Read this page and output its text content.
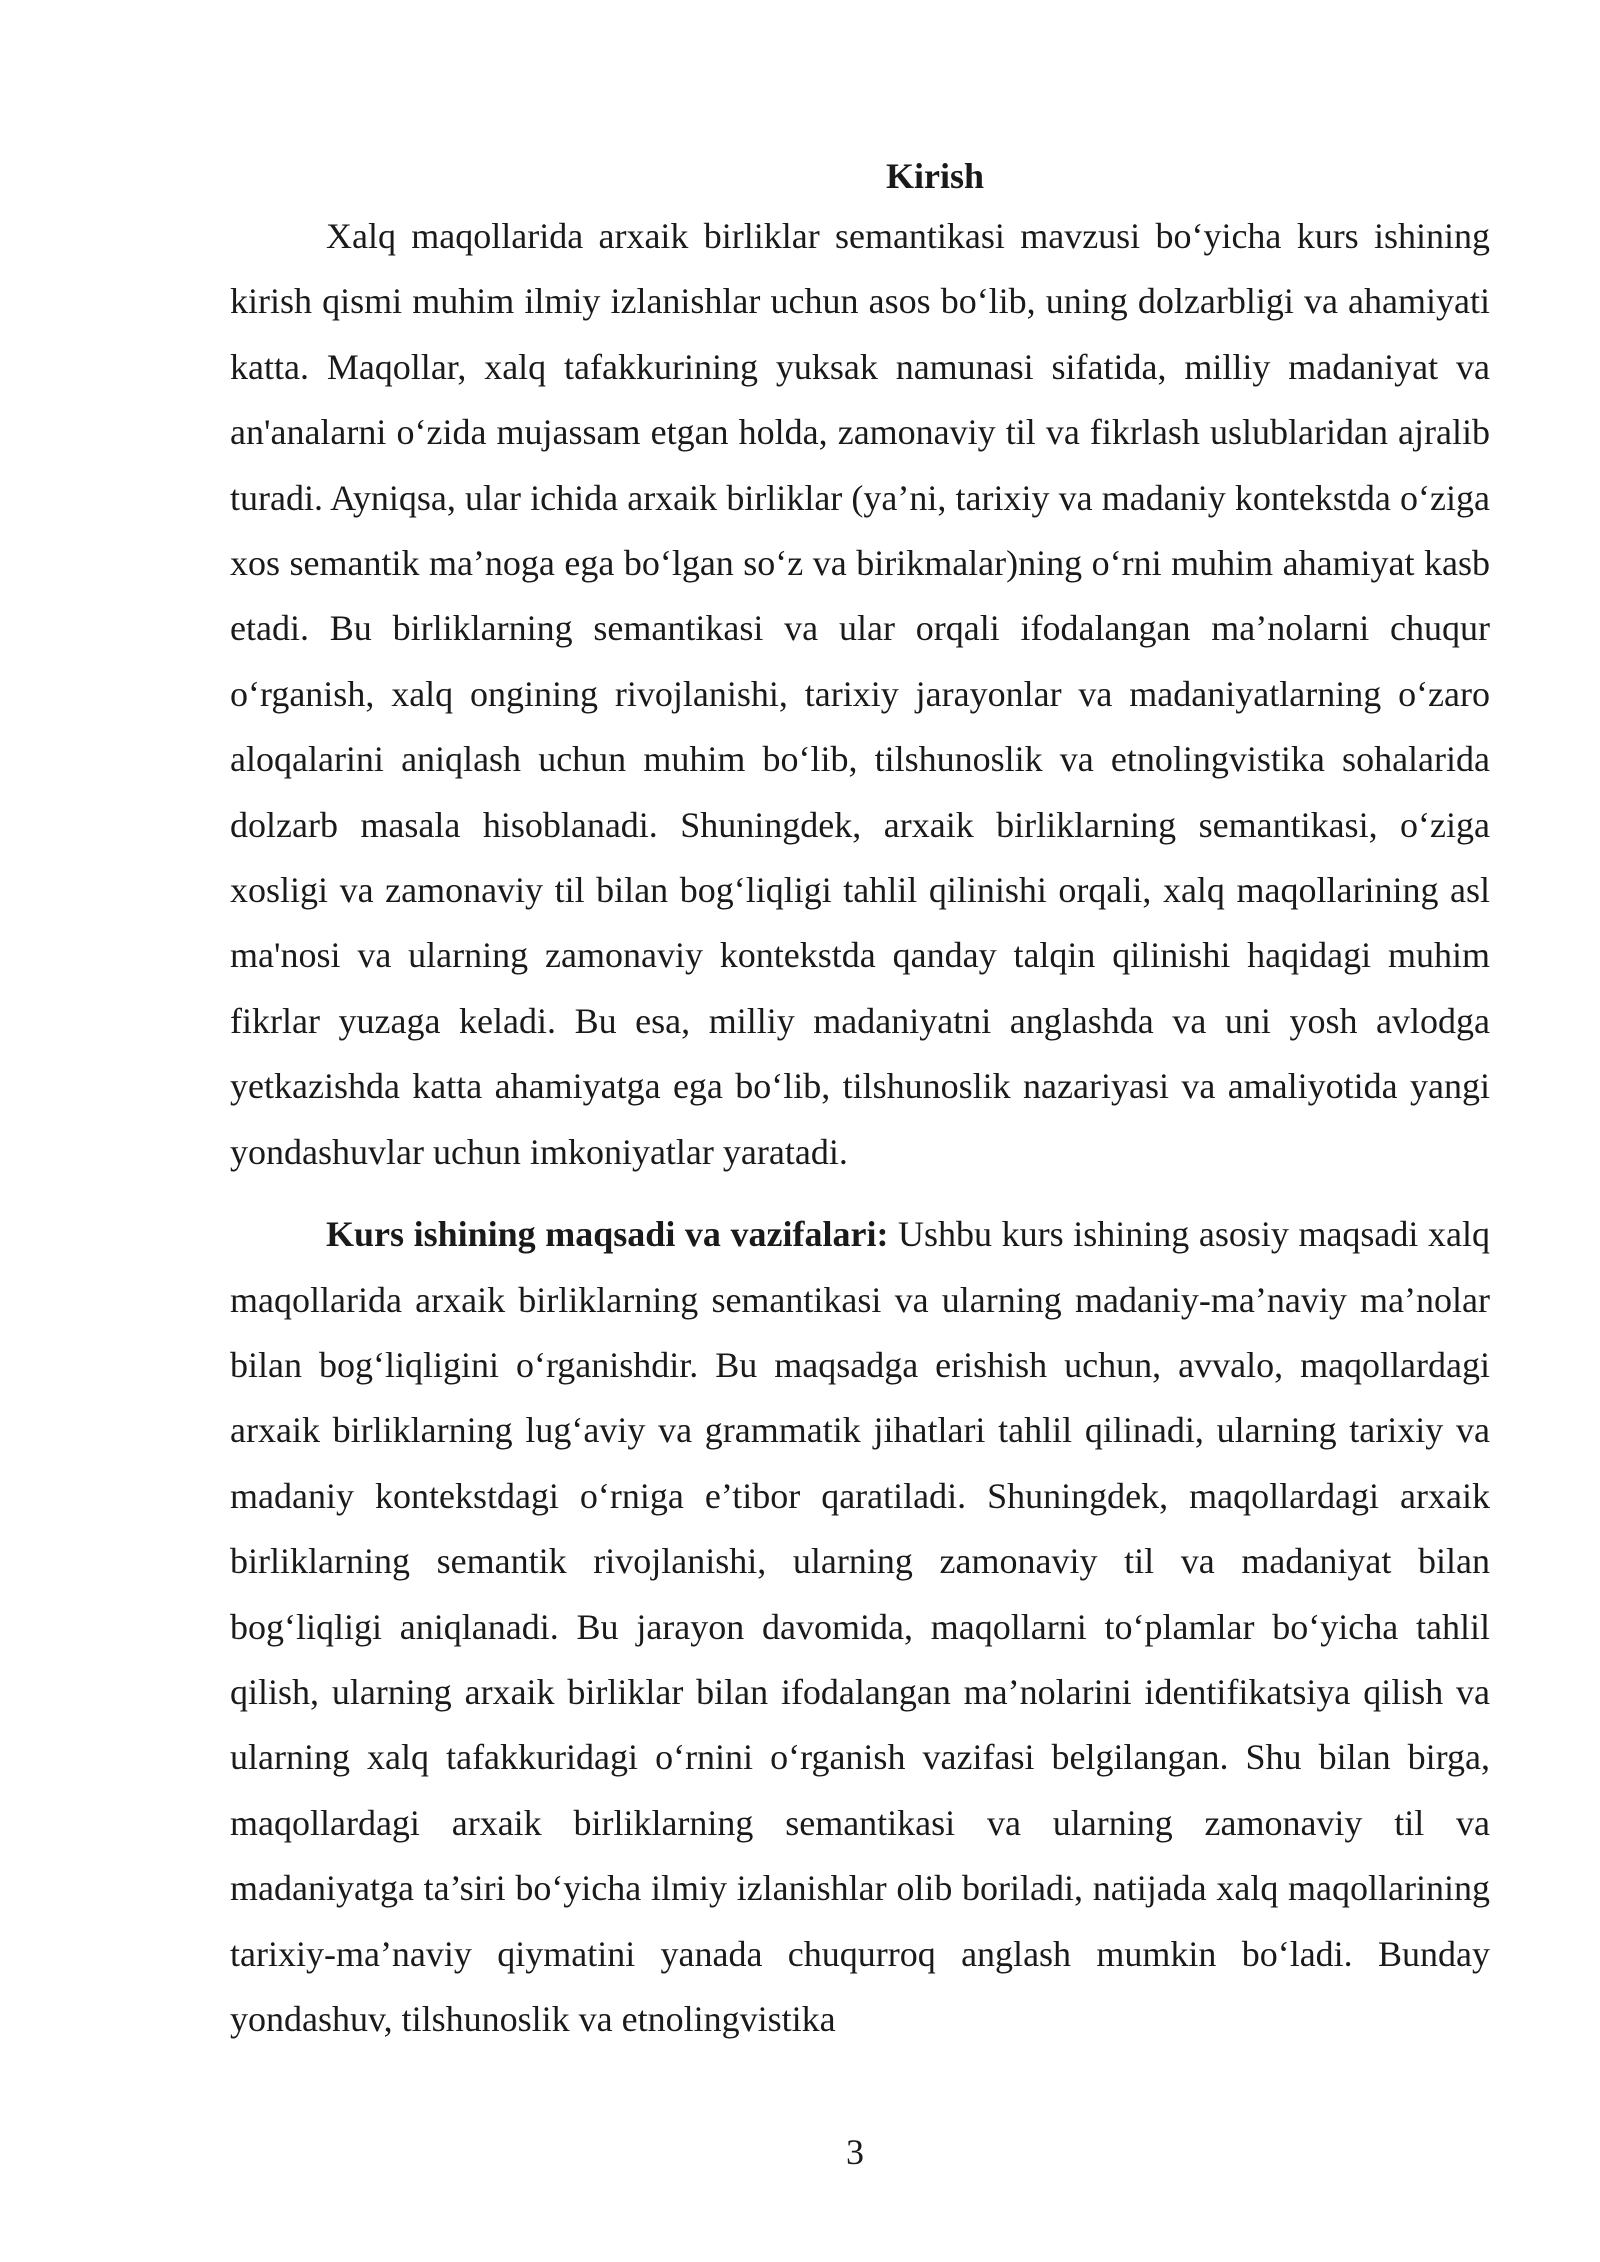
Kirish

Xalq maqollarida arxaik birliklar semantikasi mavzusi bo‘yicha kurs ishining kirish qismi muhim ilmiy izlanishlar uchun asos bo‘lib, uning dolzarbligi va ahamiyati katta. Maqollar, xalq tafakkurining yuksak namunasi sifatida, milliy madaniyat va an'analarni o‘zida mujassam etgan holda, zamonaviy til va fikrlash uslublaridan ajralib turadi. Ayniqsa, ular ichida arxaik birliklar (ya’ni, tarixiy va madaniy kontekstda o‘ziga xos semantik ma’noga ega bo‘lgan so‘z va birikmalar)ning o‘rni muhim ahamiyat kasb etadi. Bu birliklarning semantikasi va ular orqali ifodalangan ma’nolarni chuqur o‘rganish, xalq ongining rivojlanishi, tarixiy jarayonlar va madaniyatlarning o‘zaro aloqalarini aniqlash uchun muhim bo‘lib, tilshunoslik va etnolingvistika sohalarida dolzarb masala hisoblanadi. Shuningdek, arxaik birliklarning semantikasi, o‘ziga xosligi va zamonaviy til bilan bog‘liqligi tahlil qilinishi orqali, xalq maqollarining asl ma'nosi va ularning zamonaviy kontekstda qanday talqin qilinishi haqidagi muhim fikrlar yuzaga keladi. Bu esa, milliy madaniyatni anglashda va uni yosh avlodga yetkazishda katta ahamiyatga ega bo‘lib, tilshunoslik nazariyasi va amaliyotida yangi yondashuvlar uchun imkoniyatlar yaratadi.

Kurs ishining maqsadi va vazifalari: Ushbu kurs ishining asosiy maqsadi xalq maqollarida arxaik birliklarning semantikasi va ularning madaniy-ma’naviy ma’nolar bilan bog‘liqligini o‘rganishdir. Bu maqsadga erishish uchun, avvalo, maqollardagi arxaik birliklarning lug‘aviy va grammatik jihatlari tahlil qilinadi, ularning tarixiy va madaniy kontekstdagi o‘rniga e’tibor qaratiladi. Shuningdek, maqollardagi arxaik birliklarning semantik rivojlanishi, ularning zamonaviy til va madaniyat bilan bog‘liqligi aniqlanadi. Bu jarayon davomida, maqollarni to‘plamlar bo‘yicha tahlil qilish, ularning arxaik birliklar bilan ifodalangan ma’nolarini identifikatsiya qilish va ularning xalq tafakkuridagi o‘rnini o‘rganish vazifasi belgilangan. Shu bilan birga, maqollardagi arxaik birliklarning semantikasi va ularning zamonaviy til va madaniyatga ta’siri bo‘yicha ilmiy izlanishlar olib boriladi, natijada xalq maqollarining tarixiy-ma’naviy qiymatini yanada chuqurroq anglash mumkin bo‘ladi. Bunday yondashuv, tilshunoslik va etnolingvistika

3
